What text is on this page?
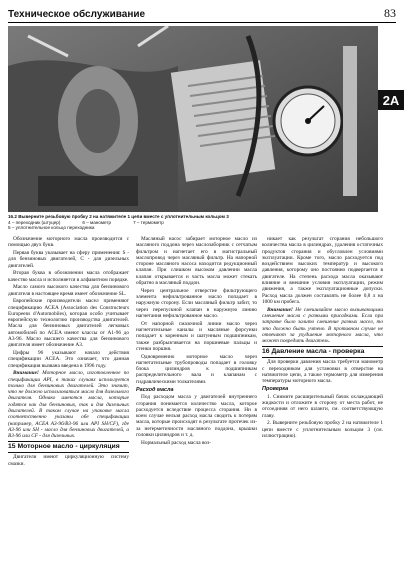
Техническое обслуживание	83
2A
16.2 Выверните резьбовую пробку 2 на натяжителе 1 цепи вместе с уплотнительным кольцом 3
4 – переходник (штуцер)	6 – манометр	7 – термометр
5 – уплотнительное кольцо переходника

Обозначение моторного масла производится с помощью двух букв.

Первая буква указывает на сферу применения: S - для бензиновых двигателей, С - для дизельных двигателей.

Вторая буква в обозначении масла отображает качество масла и исполняется в алфавитном порядке.

Масло самого высокого качества для бензинового двигателя в настоящее время имеет обозначение SL.

Европейские производители масел применяют спецификацию ACEA (Association des Constructeurs Europeens d'Automobiles), которая особо учитывает европейскую технологию производства двигателей. Масла для бензиновых двигателей легковых автомобилей по ACEA имеют классы от A1-96 до A3-96. Масло высшего качества для бензинового двигателя имеет обозначение A3.

Цифры 96 указывают начало действия спецификации ACEA. Это означает, что данная спецификация вызвана введена в 1996 году.

Внимание! Моторное масло, изготовленное по спецификации API, в таких случаях используется только для бензиновых двигателей. Это значит, что не должно использоваться масло для дизельного двигателя. Однако имеются масла, которые годятся как для бензиновых, так и для дизельных двигателей. В таком случае на упаковке масла соответственно указаны обе спецификации (например, ACEA A3-96/B3-96 или API SH/CF), где A3-96 или SH - масло для бензиновых двигателей, а B3-96 или CF - для дизельных.

15 Моторное масло - циркуляция

Двигатели имеют циркуляционную систему смазки.

Масляный насос забирает моторное масло из масляного поддона через маслозаборник с сетчатым фильтром и нагнетает его в магистральный маслопровод через масляный фильтр. На напорной стороне масляного насоса находится редукционный клапан. При слишком высоком давлении масла клапан открывается и часть масла может стекать обратно в масляный поддон.

Через центральное отверстие фильтрующего элемента нефильтрованное масло попадает в наружную сторону. Если масляный фильтр забит, то через перепускной клапан в наружную линию нагнетания нефильтрованное масло.

От напорной смазочной линии масло через нагнетательные каналы и масляные форсунки попадает к коренным и шатунным подшипникам, также разбрызгивается на поршневые пальцы и стенки поршня.

Одновременно моторное масло через нагнетательные трубопроводы попадает в головку блока цилиндров к подшипникам распределительного вала и клапанам с гидравлическими толкателями.

Расход масла

Под расходом масла у двигателей внутреннего сгорания понимается количество масла, которое расходуется вследствие процесса сгорания. Ни в коем случае нельзя расход масла сводить к потерям масла, которые происходят в результате протечек из-за негерметичности масляного поддона, крышки головки цилиндров и т. д.

Нормальный расход масла воз-

никает как результат сгорания небольшого количества масла в цилиндрах, удаления остаточных продуктов сгорания и обусловлен условиями эксплуатации. Кроме того, масло расходуется под воздействием высоких температур и высокого давления, которому оно постоянно подвергается в двигателе. На степень расхода масла оказывают влияние и внешние условия эксплуатации, режим движения, а также эксплуатационные допуски. Расход масла должен составлять не более 0,8 л на 1000 км пробега.

Внимание! Не смешивайте масло вызывающими смешение масла с разными присадками. Если при заправке было залито смешение разных масел, то это должно быть учтено. В противном случае не отвечают за ухудшение моторного масла, что может повредить двигатель.

16 Давление масла - проверка

Для проверки давления масла требуется манометр с переходником для установки в отверстие на натяжителе цепи, а также термометр для измерения температуры моторного масла.

Проверка

1. Снимите расширительный бачок охлаждающей жидкости и отложите в сторону от места работ, не отсоединяя от него шланги, см. соответствующую главу.

2. Выверните резьбовую пробку 2 на натяжителе 1 цепи вместе с уплотнительным кольцом 3 (см. иллюстрацию).
